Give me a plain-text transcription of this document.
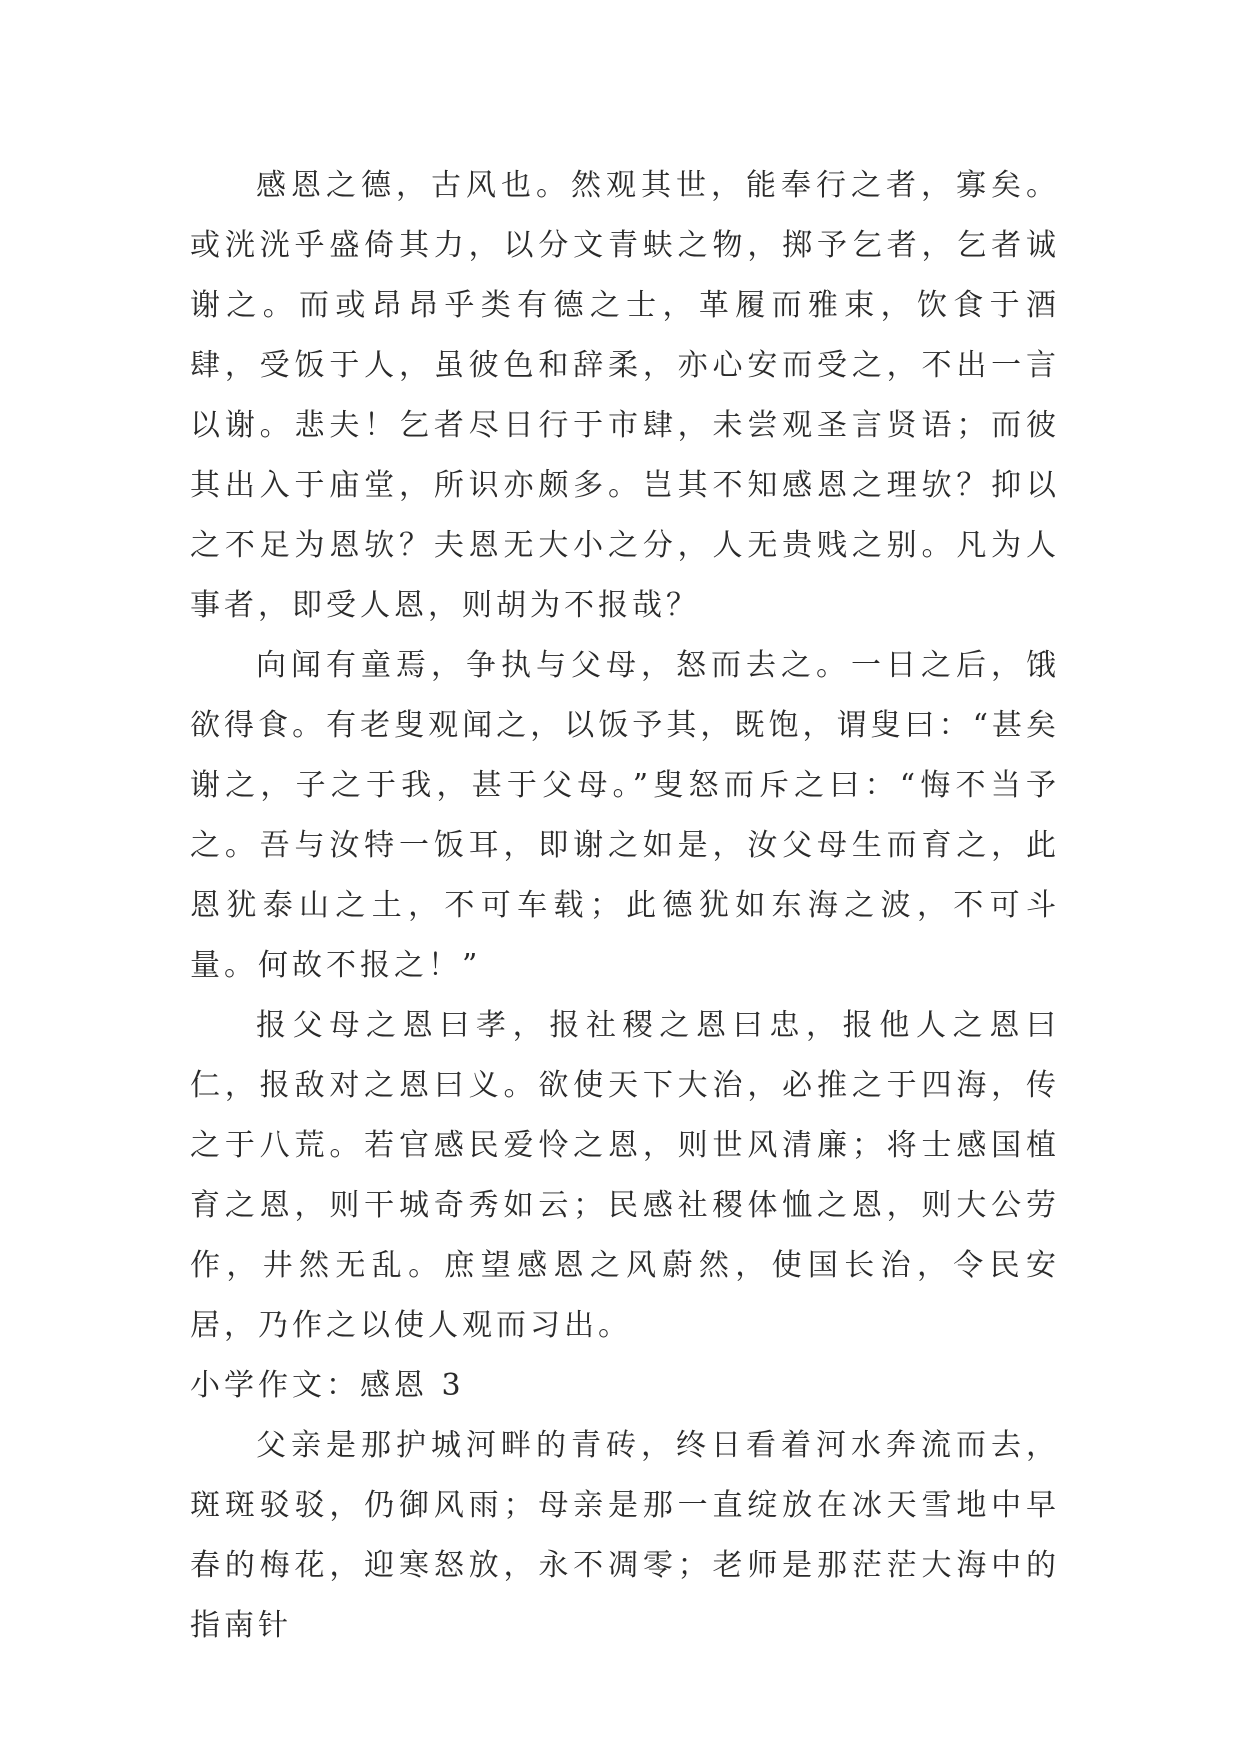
感恩之德，古风也。然观其世，能奉行之者，寡矣。或洸洸乎盛倚其力，以分文青蚨之物，掷予乞者，乞者诚谢之。而或昂昂乎类有德之士，革履而雅束，饮食于酒肆，受饭于人，虽彼色和辞柔，亦心安而受之，不出一言以谢。悲夫！乞者尽日行于市肆，未尝观圣言贤语；而彼其出入于庙堂，所识亦颇多。岂其不知感恩之理欤？抑以之不足为恩欤？夫恩无大小之分，人无贵贱之别。凡为人事者，即受人恩，则胡为不报哉？

向闻有童焉，争执与父母，怒而去之。一日之后，饿欲得食。有老叟观闻之，以饭予其，既饱，谓叟曰：“甚矣谢之，子之于我，甚于父母。”叟怒而斥之曰：“悔不当予之。吾与汝特一饭耳，即谢之如是，汝父母生而育之，此恩犹泰山之土，不可车载；此德犹如东海之波，不可斗量。何故不报之！”

报父母之恩曰孝，报社稷之恩曰忠，报他人之恩曰仁，报敌对之恩曰义。欲使天下大治，必推之于四海，传之于八荒。若官感民爱怜之恩，则世风清廉；将士感国植育之恩，则干城奇秀如云；民感社稷体恤之恩，则大公劳作，井然无乱。庶望感恩之风蔚然，使国长治，令民安居，乃作之以使人观而习出。

小学作文：感恩 3

父亲是那护城河畔的青砖，终日看着河水奔流而去，斑斑驳驳，仍御风雨；母亲是那一直绽放在冰天雪地中早春的梅花，迎寒怒放，永不凋零；老师是那茫茫大海中的指南针
